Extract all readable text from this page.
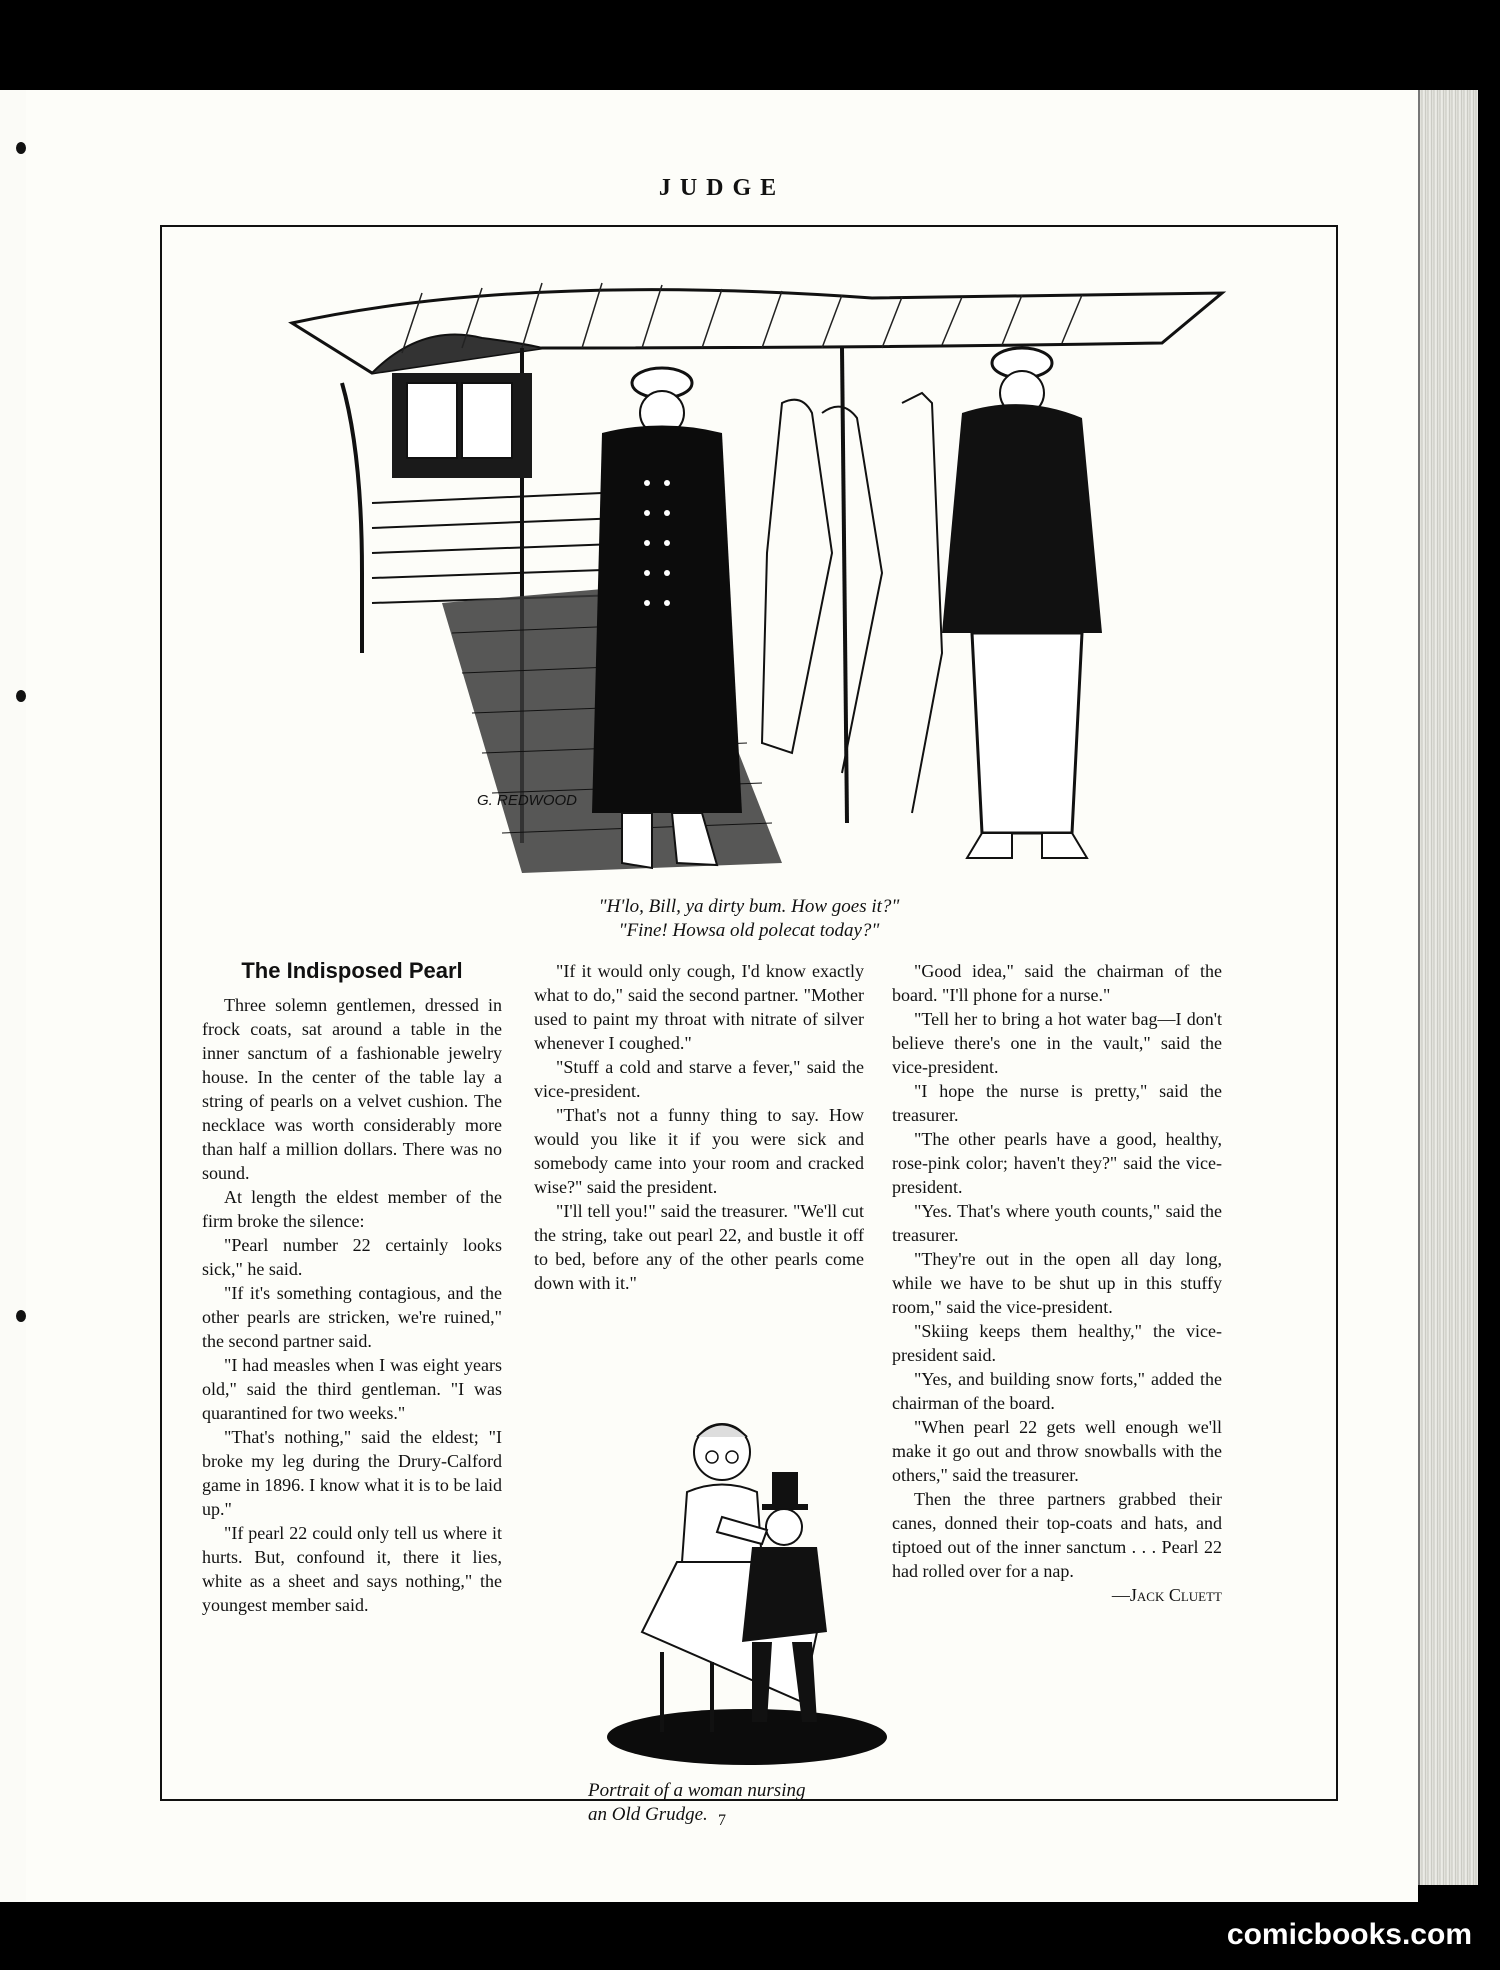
JUDGE
G. REDWOOD
"H'lo, Bill, ya dirty bum. How goes it?"
"Fine! Howsa old polecat today?"
The Indisposed Pearl

Three solemn gentlemen, dressed in frock coats, sat around a table in the inner sanctum of a fashionable jewelry house. In the center of the table lay a string of pearls on a velvet cushion. The necklace was worth considerably more than half a million dollars. There was no sound.

At length the eldest member of the firm broke the silence:

"Pearl number 22 certainly looks sick," he said.

"If it's something contagious, and the other pearls are stricken, we're ruined," the second partner said.

"I had measles when I was eight years old," said the third gentleman. "I was quarantined for two weeks."

"That's nothing," said the eldest; "I broke my leg during the Drury-Calford game in 1896. I know what it is to be laid up."

"If pearl 22 could only tell us where it hurts. But, confound it, there it lies, white as a sheet and says nothing," the youngest member said.

"If it would only cough, I'd know exactly what to do," said the second partner. "Mother used to paint my throat with nitrate of silver whenever I coughed."

"Stuff a cold and starve a fever," said the vice-president.

"That's not a funny thing to say. How would you like it if you were sick and somebody came into your room and cracked wise?" said the president.

"I'll tell you!" said the treasurer. "We'll cut the string, take out pearl 22, and bustle it off to bed, before any of the other pearls come down with it."

Portrait of a woman nursing
an Old Grudge.

"Good idea," said the chairman of the board. "I'll phone for a nurse."

"Tell her to bring a hot water bag—I don't believe there's one in the vault," said the vice-president.

"I hope the nurse is pretty," said the treasurer.

"The other pearls have a good, healthy, rose-pink color; haven't they?" said the vice-president.

"Yes. That's where youth counts," said the treasurer.

"They're out in the open all day long, while we have to be shut up in this stuffy room," said the vice-president.

"Skiing keeps them healthy," the vice-president said.

"Yes, and building snow forts," added the chairman of the board.

"When pearl 22 gets well enough we'll make it go out and throw snowballs with the others," said the treasurer.

Then the three partners grabbed their canes, donned their top-coats and hats, and tiptoed out of the inner sanctum . . . Pearl 22 had rolled over for a nap.

—Jack Cluett

7
comicbooks.com
